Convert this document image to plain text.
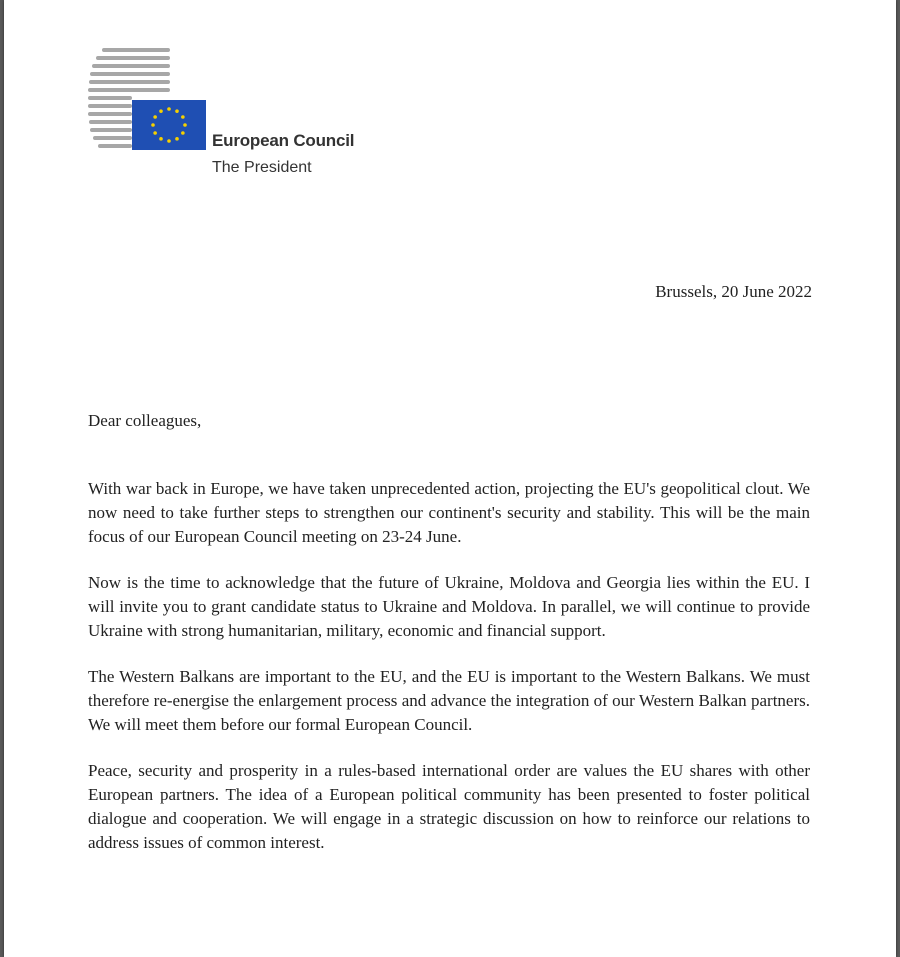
European Council
The President
Brussels, 20 June 2022
Dear colleagues,

With war back in Europe, we have taken unprecedented action, projecting the EU's geopolitical clout. We now need to take further steps to strengthen our continent's security and stability. This will be the main focus of our European Council meeting on 23-24 June.

Now is the time to acknowledge that the future of Ukraine, Moldova and Georgia lies within the EU. I will invite you to grant candidate status to Ukraine and Moldova. In parallel, we will continue to provide Ukraine with strong humanitarian, military, economic and financial support.

The Western Balkans are important to the EU, and the EU is important to the Western Balkans. We must therefore re-energise the enlargement process and advance the integration of our Western Balkan partners. We will meet them before our formal European Council.

Peace, security and prosperity in a rules-based international order are values the EU shares with other European partners. The idea of a European political community has been presented to foster political dialogue and cooperation. We will engage in a strategic discussion on how to reinforce our relations to address issues of common interest.
